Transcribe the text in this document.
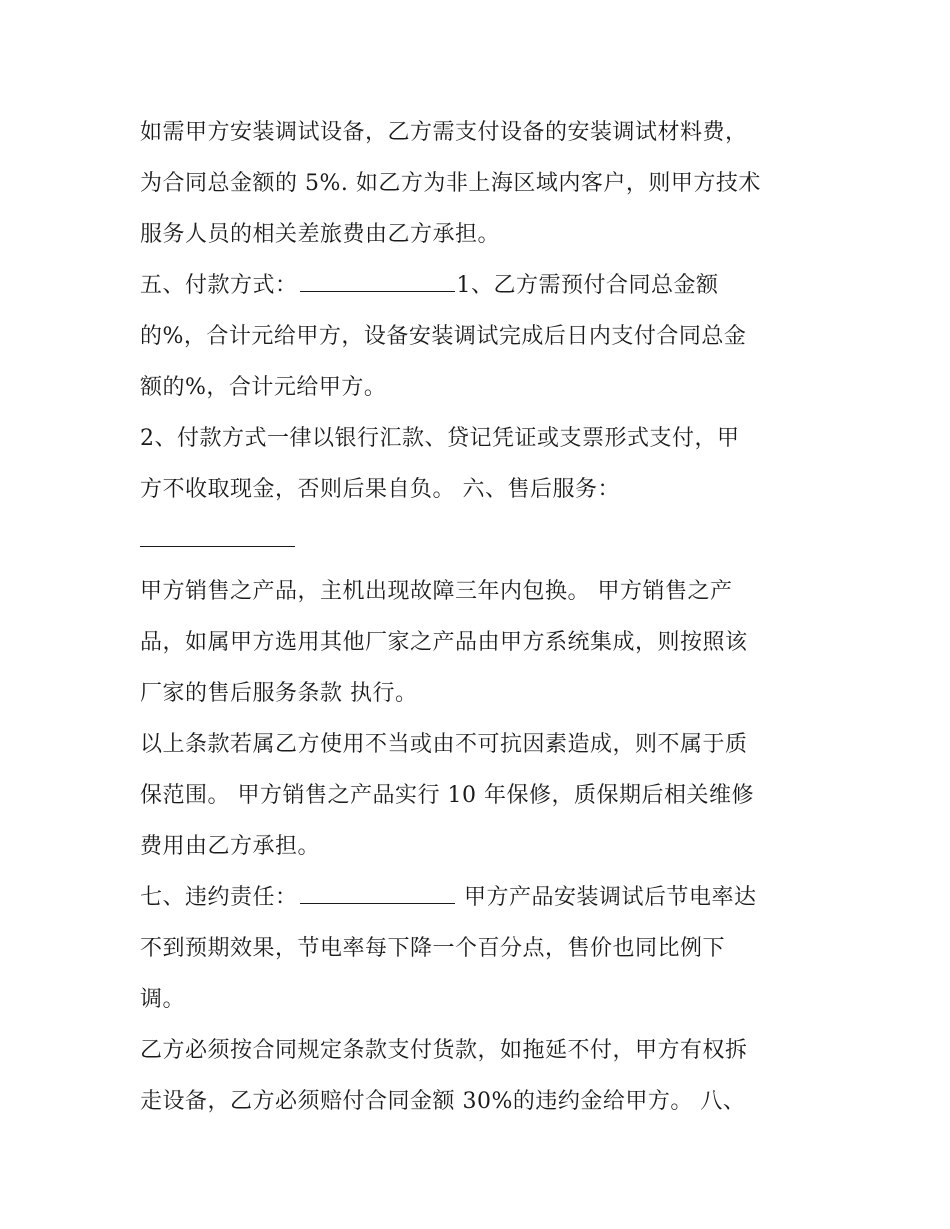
如需甲方安装调试设备，乙方需支付设备的安装调试材料费，
为合同总金额的 5%. 如乙方为非上海区域内客户，则甲方技术
服务人员的相关差旅费由乙方承担。
五、付款方式：	1、乙方需预付合同总金额
的%，合计元给甲方，设备安装调试完成后日内支付合同总金
额的%，合计元给甲方。
2、付款方式一律以银行汇款、贷记凭证或支票形式支付，甲
方不收取现金，否则后果自负。 六、售后服务：
甲方销售之产品，主机出现故障三年内包换。 甲方销售之产
品，如属甲方选用其他厂家之产品由甲方系统集成，则按照该
厂家的售后服务条款 执行。
以上条款若属乙方使用不当或由不可抗因素造成，则不属于质
保范围。 甲方销售之产品实行 10 年保修，质保期后相关维修
费用由乙方承担。
七、违约责任：	甲方产品安装调试后节电率达
不到预期效果，节电率每下降一个百分点，售价也同比例下
调。
乙方必须按合同规定条款支付货款，如拖延不付，甲方有权拆
走设备，乙方必须赔付合同金额 30%的违约金给甲方。 八、
